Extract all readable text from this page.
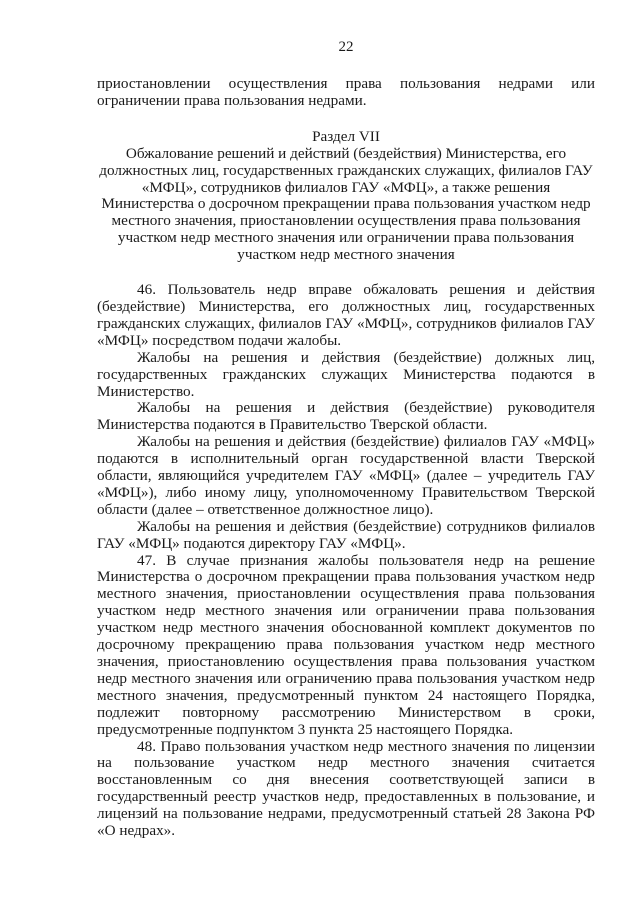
22

приостановлении осуществления права пользования недрами или ограничении права пользования недрами.

Раздел VII
Обжалование решений и действий (бездействия) Министерства, его должностных лиц, государственных гражданских служащих, филиалов ГАУ «МФЦ», сотрудников филиалов ГАУ «МФЦ», а также решения Министерства о досрочном прекращении права пользования участком недр местного значения, приостановлении осуществления права пользования участком недр местного значения или ограничении права пользования участком недр местного значения

46. Пользователь недр вправе обжаловать решения и действия (бездействие) Министерства, его должностных лиц, государственных гражданских служащих, филиалов ГАУ «МФЦ», сотрудников филиалов ГАУ «МФЦ» посредством подачи жалобы.

Жалобы на решения и действия (бездействие) должных лиц, государственных гражданских служащих Министерства подаются в Министерство.

Жалобы на решения и действия (бездействие) руководителя Министерства подаются в Правительство Тверской области.

Жалобы на решения и действия (бездействие) филиалов ГАУ «МФЦ» подаются в исполнительный орган государственной власти Тверской области, являющийся учредителем ГАУ «МФЦ» (далее – учредитель ГАУ «МФЦ»), либо иному лицу, уполномоченному Правительством Тверской области (далее – ответственное должностное лицо).

Жалобы на решения и действия (бездействие) сотрудников филиалов ГАУ «МФЦ» подаются директору ГАУ «МФЦ».

47. В случае признания жалобы пользователя недр на решение Министерства о досрочном прекращении права пользования участком недр местного значения, приостановлении осуществления права пользования участком недр местного значения или ограничении права пользования участком недр местного значения обоснованной комплект документов по досрочному прекращению права пользования участком недр местного значения, приостановлению осуществления права пользования участком недр местного значения или ограничению права пользования участком недр местного значения, предусмотренный пунктом 24 настоящего Порядка, подлежит повторному рассмотрению Министерством в сроки, предусмотренные подпунктом 3 пункта 25 настоящего Порядка.

48. Право пользования участком недр местного значения по лицензии на пользование участком недр местного значения считается восстановленным со дня внесения соответствующей записи в государственный реестр участков недр, предоставленных в пользование, и лицензий на пользование недрами, предусмотренный статьей 28 Закона РФ «О недрах».
